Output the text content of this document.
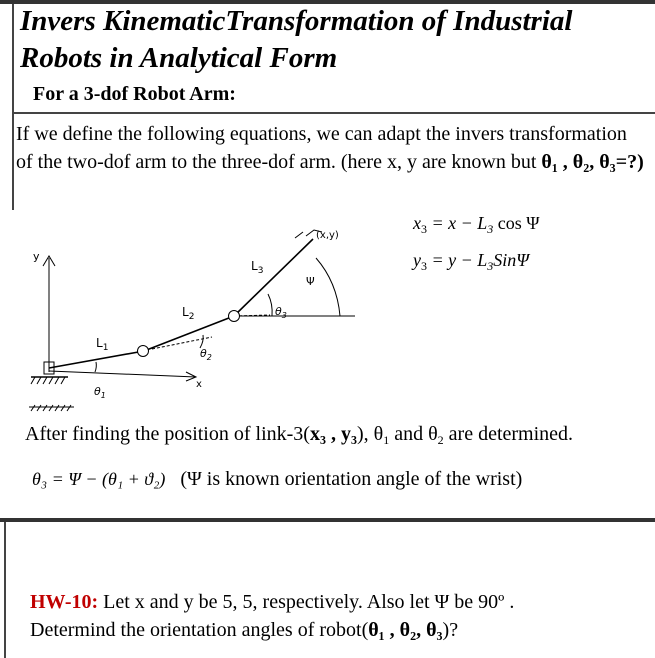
Invers KinematicTransformation of Industrial Robots in Analytical Form
For a 3-dof Robot Arm:
If we define the following equations, we can adapt the invers transformation of the two-dof arm to the three-dof arm. (here x, y are known but θ₁ , θ₂, θ₃=?)
$x_3 = x - L_3$ cos Ψ
$y_3 = y - L_3Sin\Psi$
y
x
$L_1$
$L_2$
$L_3$
(x,y)
Ψ
$\theta_1$
$\theta_2$
$\theta_3$
After finding the position of link-3(x₃ , y₃), $\theta_1$ and $\theta_2$ are determined.
θ₃ = Ψ − (θ₁ + ϑ₂) (Ψ is known orientation angle of the wrist)
HW-10: Let x and y be 5, 5, respectively. Also let Ψ be 90º .
Determind the orientation angles of robot(θ₁ , θ₂, θ₃)?
